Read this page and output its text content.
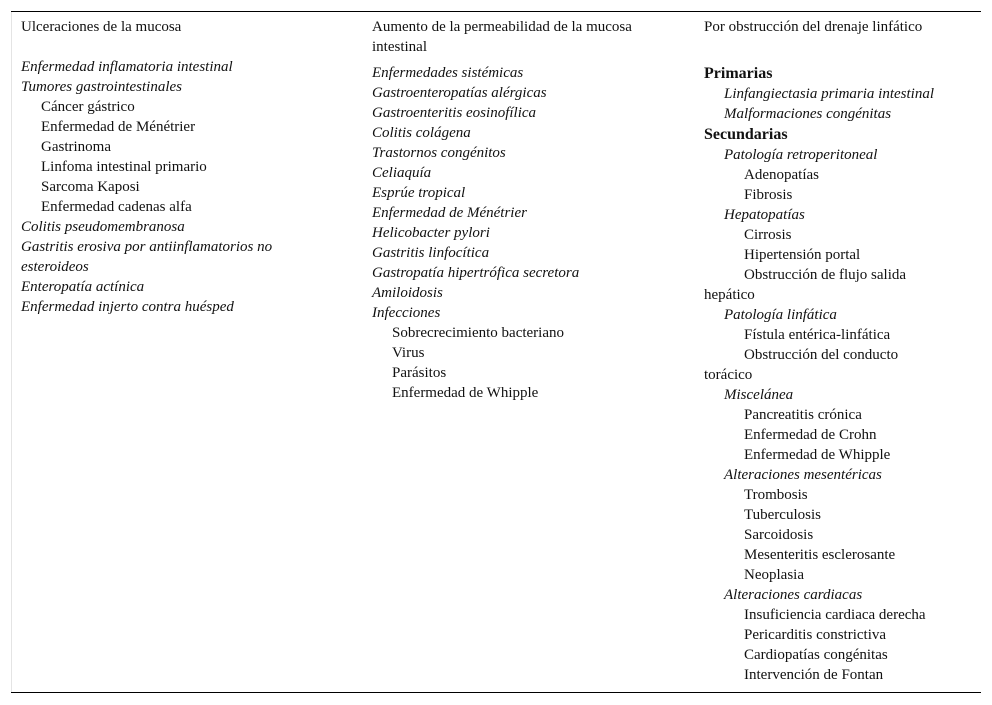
Ulceraciones de la mucosa
Enfermedad inflamatoria intestinal
Tumores gastrointestinales
Cáncer gástrico
Enfermedad de Ménétrier
Gastrinoma
Linfoma intestinal primario
Sarcoma Kaposi
Enfermedad cadenas alfa
Colitis pseudomembranosa
Gastritis erosiva por antiinflamatorios no esteroideos
Enteropatía actínica
Enfermedad injerto contra huésped
Aumento de la permeabilidad de la mucosa intestinal
Enfermedades sistémicas
Gastroenteropatías alérgicas
Gastroenteritis eosinofílica
Colitis colágena
Trastornos congénitos
Celiaquía
Esprúe tropical
Enfermedad de Ménétrier
Helicobacter pylori
Gastritis linfocítica
Gastropatía hipertrófica secretora
Amiloidosis
Infecciones
Sobrecrecimiento bacteriano
Virus
Parásitos
Enfermedad de Whipple
Por obstrucción del drenaje linfático
Primarias
Linfangiectasia primaria intestinal
Malformaciones congénitas
Secundarias
Patología retroperitoneal
Adenopatías
Fibrosis
Hepatopatías
Cirrosis
Hipertensión portal
Obstrucción de flujo salida
hepático
Patología linfática
Fístula entérica-linfática
Obstrucción del conducto
torácico
Miscelánea
Pancreatitis crónica
Enfermedad de Crohn
Enfermedad de Whipple
Alteraciones mesentéricas
Trombosis
Tuberculosis
Sarcoidosis
Mesenteritis esclerosante
Neoplasia
Alteraciones cardiacas
Insuficiencia cardiaca derecha
Pericarditis constrictiva
Cardiopatías congénitas
Intervención de Fontan
